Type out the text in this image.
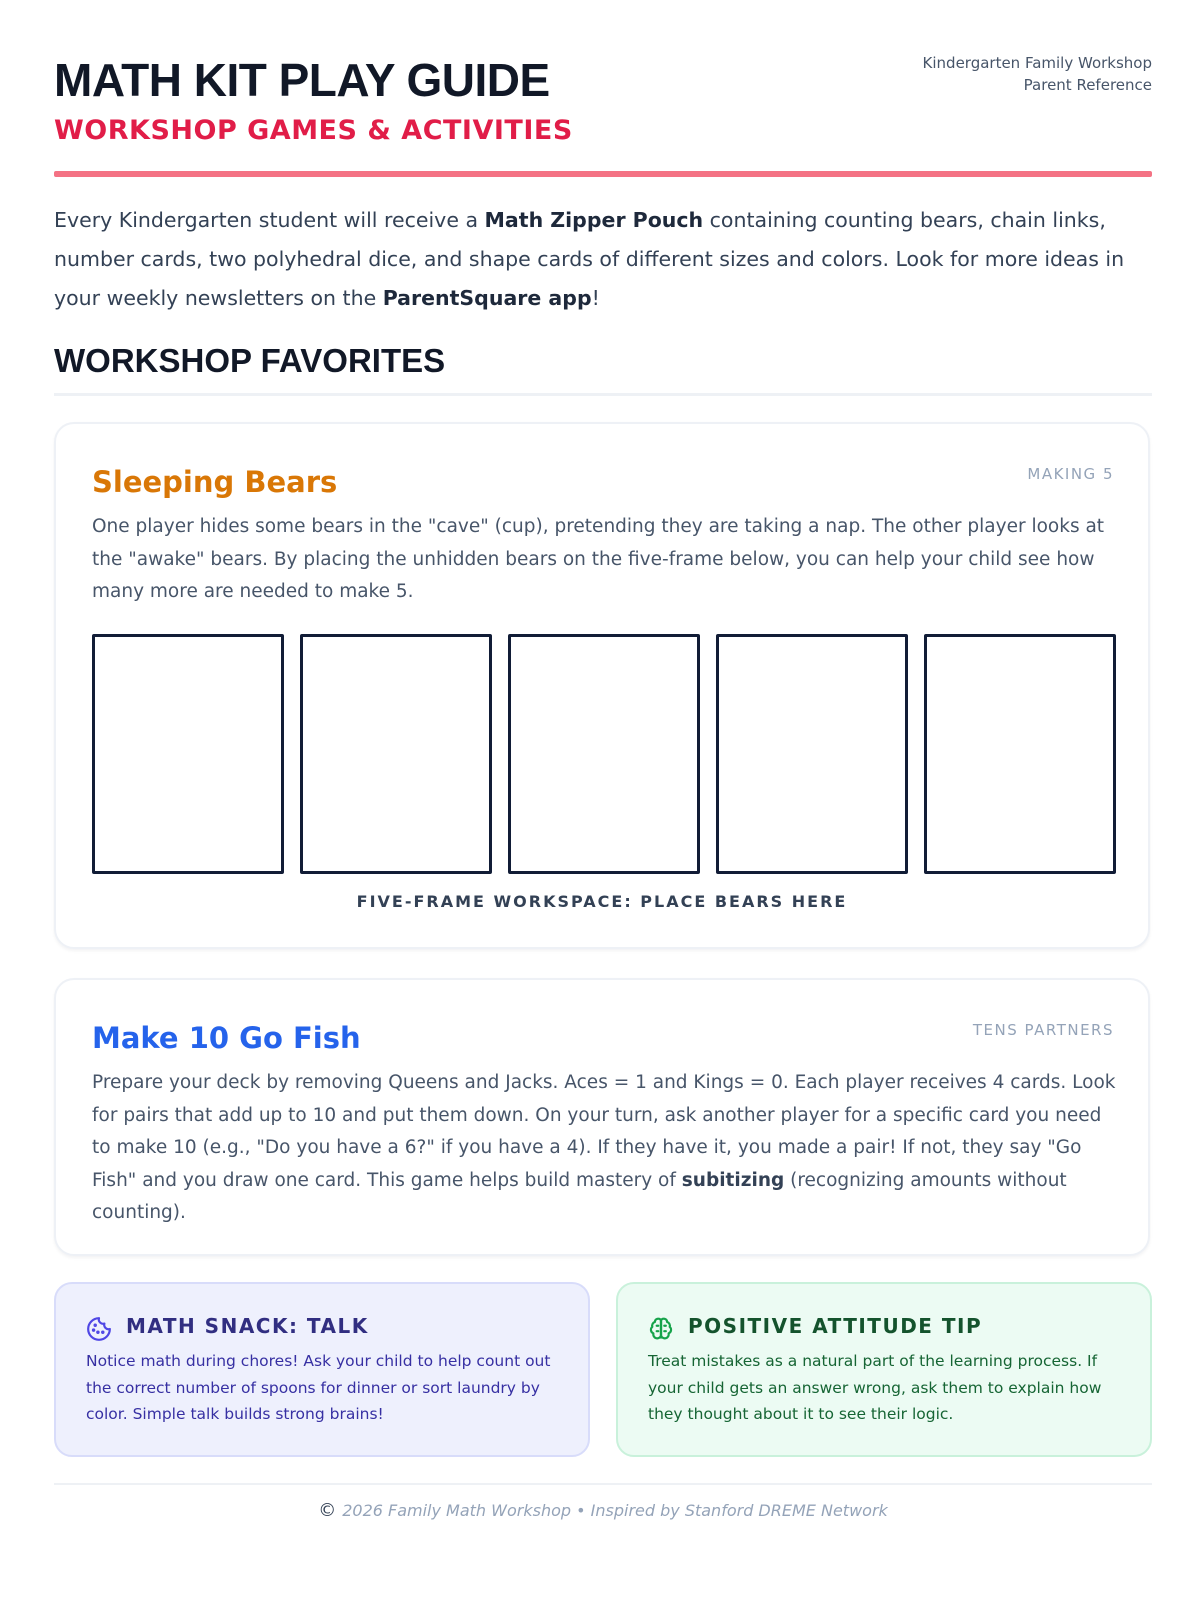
MATH KIT PLAY GUIDE
WORKSHOP GAMES & ACTIVITIES
Kindergarten Family Workshop
Parent Reference

Every Kindergarten student will receive a Math Zipper Pouch containing counting bears, chain links, number cards, two polyhedral dice, and shape cards of different sizes and colors. Look for more ideas in your weekly newsletters on the ParentSquare app!

WORKSHOP FAVORITES
Sleeping Bears	MAKING 5

One player hides some bears in the "cave" (cup), pretending they are taking a nap. The other player looks at the "awake" bears. By placing the unhidden bears on the five-frame below, you can help your child see how many more are needed to make 5.

FIVE-FRAME WORKSPACE: PLACE BEARS HERE
Make 10 Go Fish	TENS PARTNERS

Prepare your deck by removing Queens and Jacks. Aces = 1 and Kings = 0. Each player receives 4 cards. Look for pairs that add up to 10 and put them down. On your turn, ask another player for a specific card you need to make 10 (e.g., "Do you have a 6?" if you have a 4). If they have it, you made a pair! If not, they say "Go Fish" and you draw one card. This game helps build mastery of subitizing (recognizing amounts without counting).

MATH SNACK: TALK

Notice math during chores! Ask your child to help count out the correct number of spoons for dinner or sort laundry by color. Simple talk builds strong brains!

POSITIVE ATTITUDE TIP

Treat mistakes as a natural part of the learning process. If your child gets an answer wrong, ask them to explain how they thought about it to see their logic.

© 2026 Family Math Workshop • Inspired by Stanford DREME Network
